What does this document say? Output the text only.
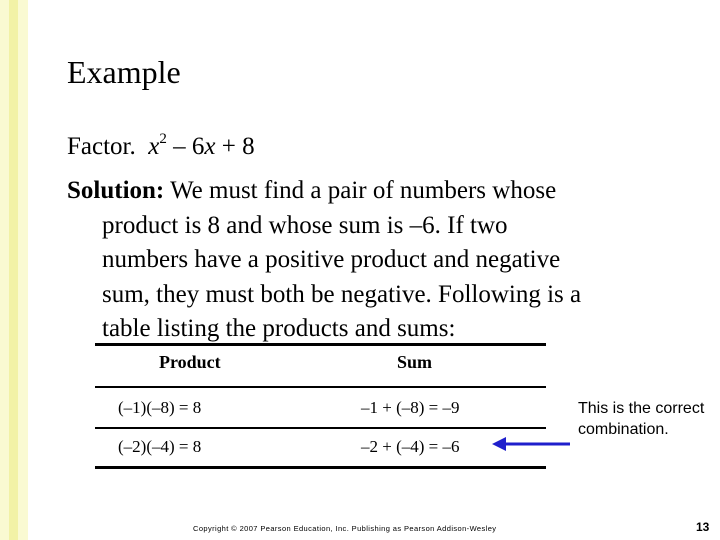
Example
Factor. $x^2 - 6x + 8$
Solution: We must find a pair of numbers whose
product is 8 and whose sum is –6. If two
numbers have a positive product and negative
sum, they must both be negative. Following is a
table listing the products and sums:
Product	Sum
(–1)(–8) = 8	–1 + (–8) = –9
(–2)(–4) = 8	–2 + (–4) = –6
This is the correct combination.
Copyright © 2007 Pearson Education, Inc. Publishing as Pearson Addison-Wesley	13
